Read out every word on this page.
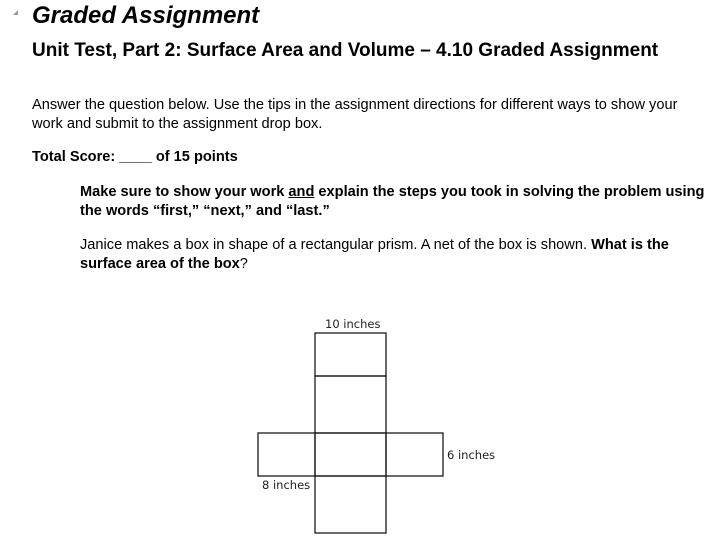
Graded Assignment
Unit Test, Part 2: Surface Area and Volume – 4.10 Graded Assignment

Answer the question below. Use the tips in the assignment directions for different ways to show your work and submit to the assignment drop box.

Total Score: ____ of 15 points

Make sure to show your work and explain the steps you took in solving the problem using the words “first,” “next,” and “last.”

Janice makes a box in shape of a rectangular prism. A net of the box is shown. What is the surface area of the box?

10 inches
6 inches
8 inches
